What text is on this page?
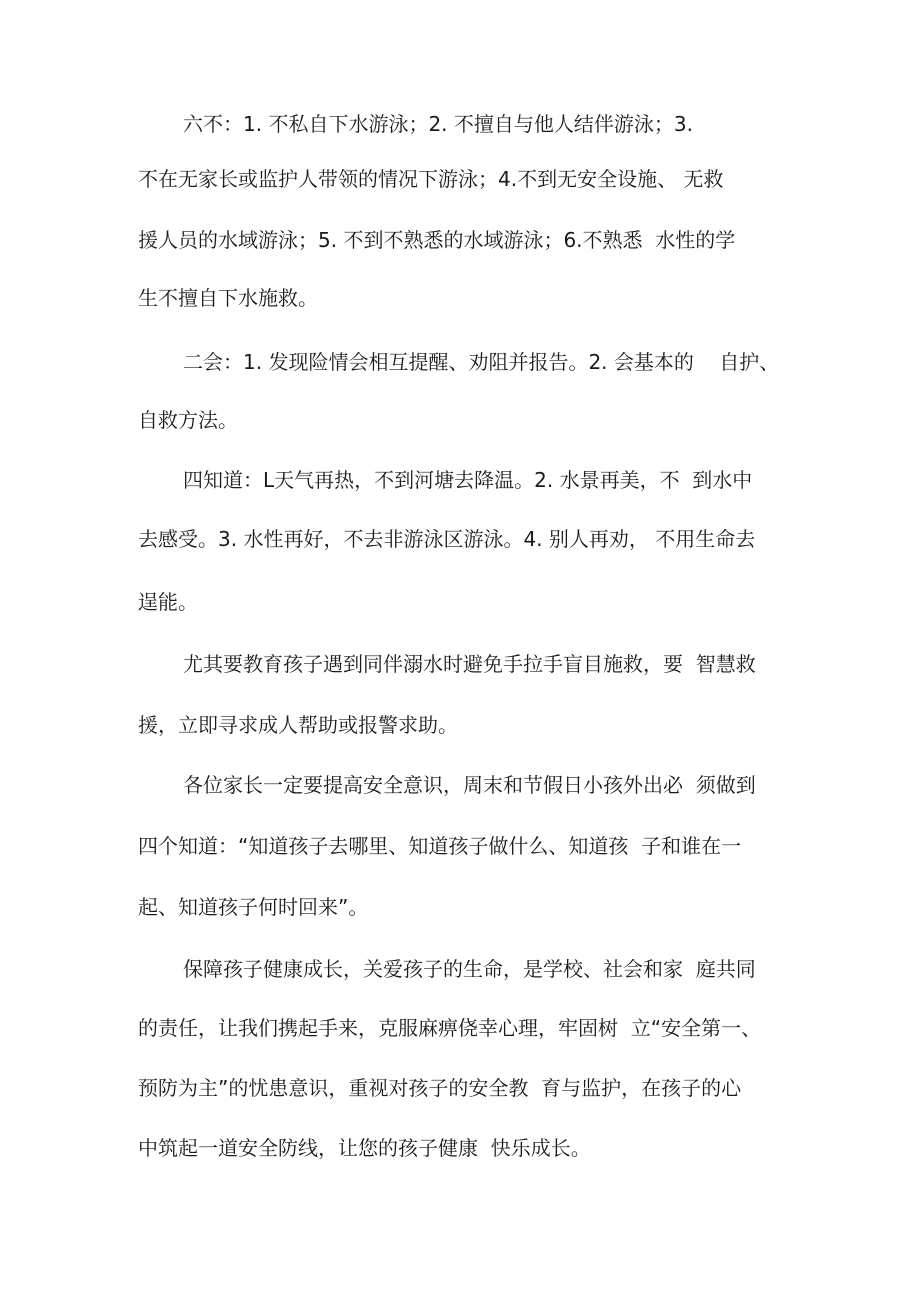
六不：1. 不私自下水游泳；2. 不擅自与他人结伴游泳；3.
不在无家长或监护人带领的情况下游泳；4.不到无安全设施、 无救
援人员的水域游泳；5. 不到不熟悉的水域游泳；6.不熟悉  水性的学
生不擅自下水施救。
二会：1. 发现险情会相互提醒、劝阻并报告。2. 会基本的    自护、
自救方法。
四知道：L天气再热，不到河塘去降温。2. 水景再美，不  到水中
去感受。3. 水性再好，不去非游泳区游泳。4. 别人再劝， 不用生命去
逞能。
尤其要教育孩子遇到同伴溺水时避免手拉手盲目施救，要  智慧救
援，立即寻求成人帮助或报警求助。
各位家长一定要提高安全意识，周末和节假日小孩外出必  须做到
四个知道：“知道孩子去哪里、知道孩子做什么、知道孩  子和谁在一
起、知道孩子何时回来”。
保障孩子健康成长，关爱孩子的生命，是学校、社会和家  庭共同
的责任，让我们携起手来，克服麻痹侥幸心理，牢固树  立“安全第一、
预防为主”的忧患意识，重视对孩子的安全教  育与监护，在孩子的心
中筑起一道安全防线，让您的孩子健康  快乐成长。
